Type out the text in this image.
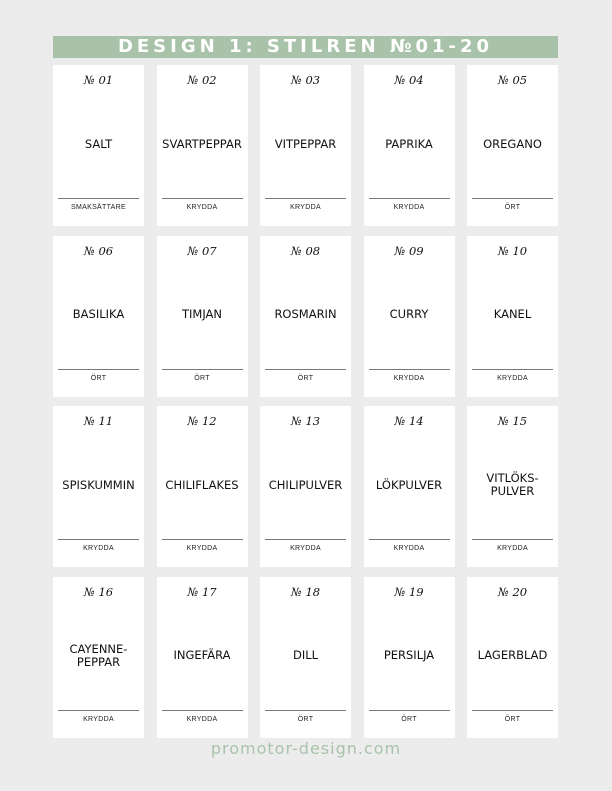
DESIGN 1: STILREN №01-20
№ 01
SALT
SMAKSÄTTARE
№ 02
SVARTPEPPAR
KRYDDA
№ 03
VITPEPPAR
KRYDDA
№ 04
PAPRIKA
KRYDDA
№ 05
OREGANO
ÖRT
№ 06
BASILIKA
ÖRT
№ 07
TIMJAN
ÖRT
№ 08
ROSMARIN
ÖRT
№ 09
CURRY
KRYDDA
№ 10
KANEL
KRYDDA
№ 11
SPISKUMMIN
KRYDDA
№ 12
CHILIFLAKES
KRYDDA
№ 13
CHILIPULVER
KRYDDA
№ 14
LÖKPULVER
KRYDDA
№ 15
VITLÖKS-
PULVER
KRYDDA
№ 16
CAYENNE-
PEPPAR
KRYDDA
№ 17
INGEFÄRA
KRYDDA
№ 18
DILL
ÖRT
№ 19
PERSILJA
ÖRT
№ 20
LAGERBLAD
ÖRT
promotor-design.com
